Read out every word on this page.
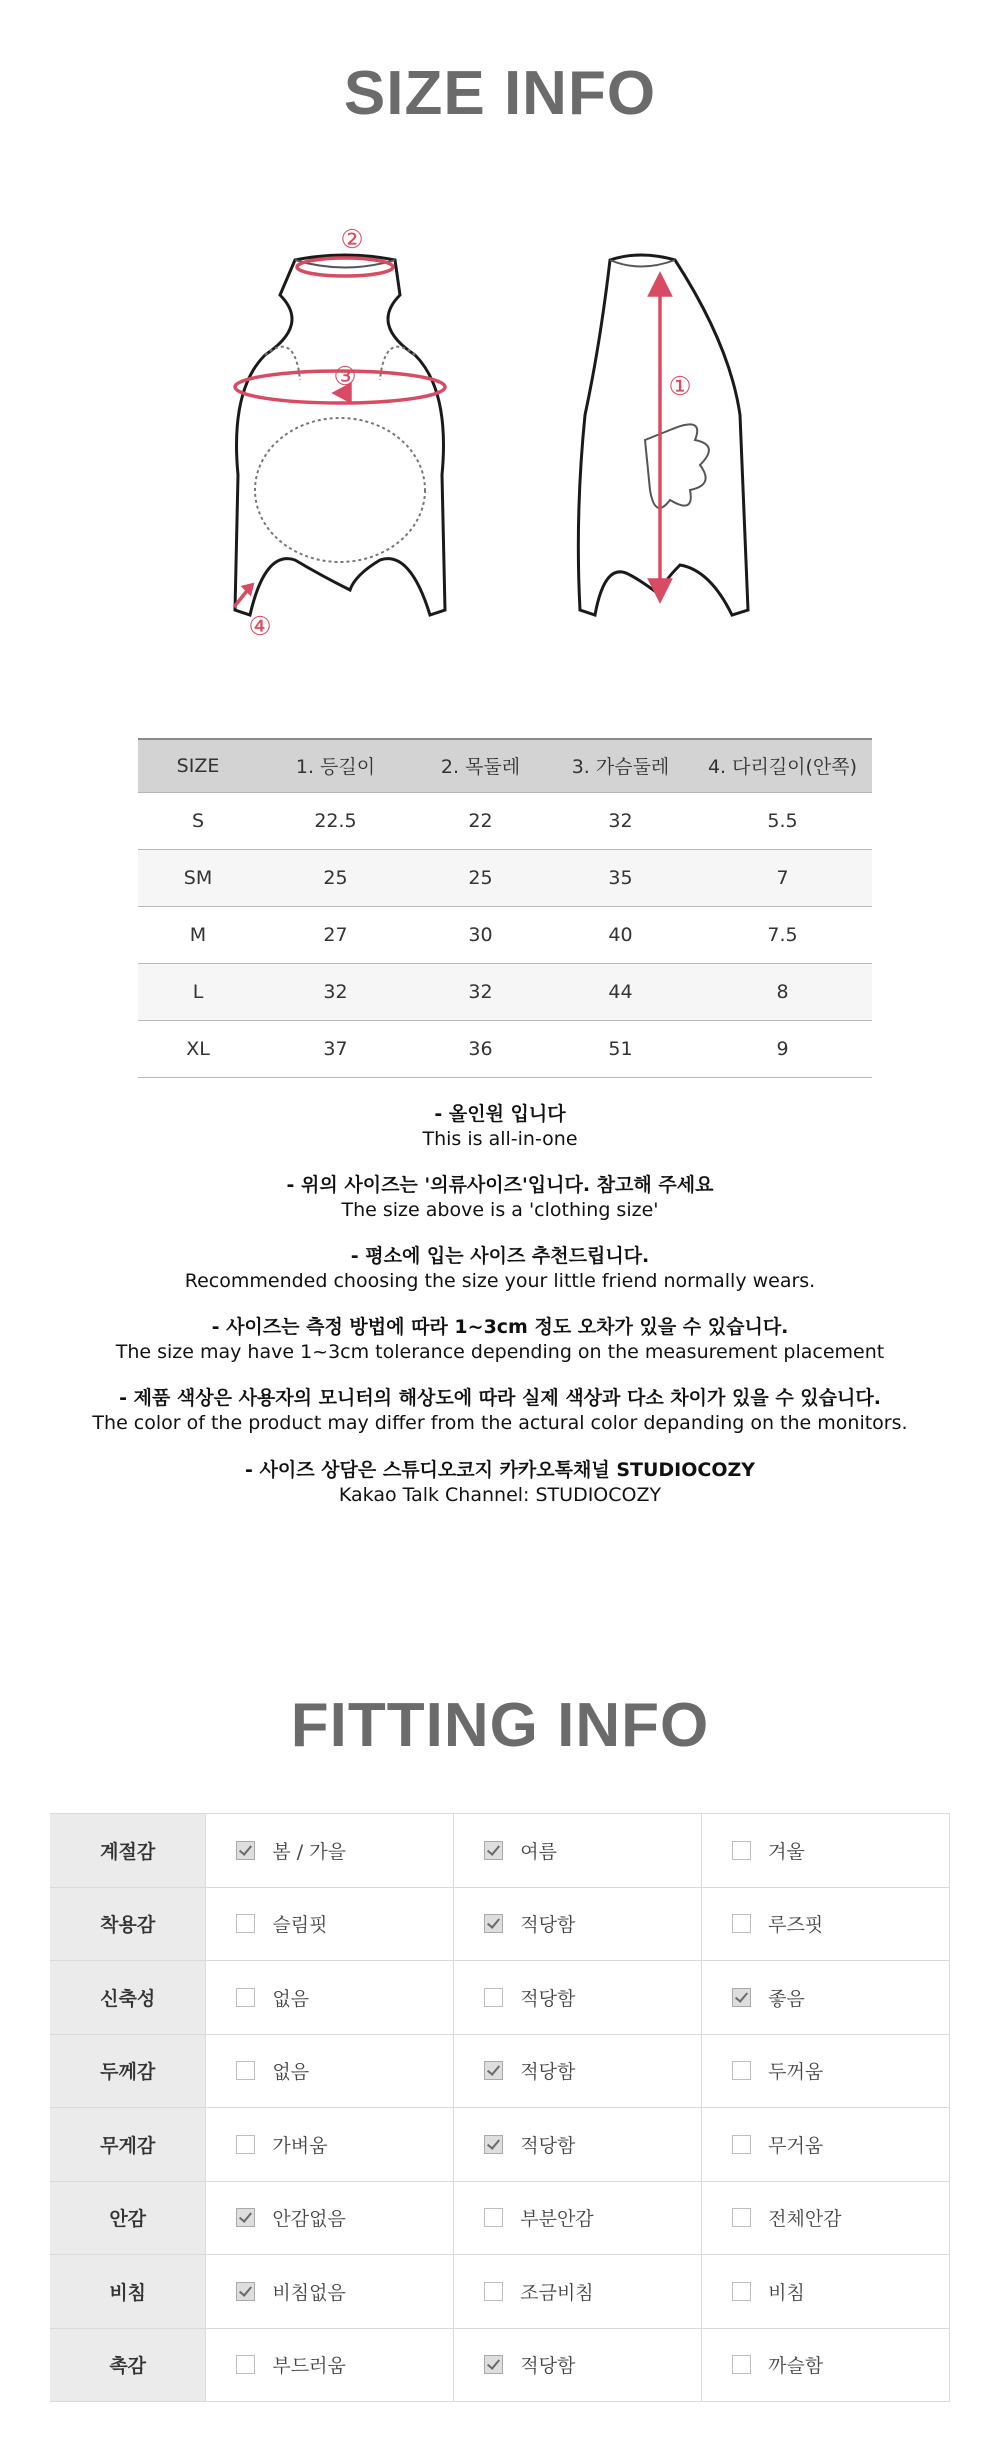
SIZE INFO
②
③	①
④
SIZE	1. 등길이	2. 목둘레	3. 가슴둘레	4. 다리길이(안쪽)
S	22.5	22	32	5.5
SM	25	25	35	7
M	27	30	40	7.5
L	32	32	44	8
XL	37	36	51	9
- 올인원 입니다
This is all-in-one
- 위의 사이즈는 '의류사이즈'입니다. 참고해 주세요
The size above is a 'clothing size'
- 평소에 입는 사이즈 추천드립니다.
Recommended choosing the size your little friend normally wears.
- 사이즈는 측정 방법에 따라 1~3cm 정도 오차가 있을 수 있습니다.
The size may have 1~3cm tolerance depending on the measurement placement
- 제품 색상은 사용자의 모니터의 해상도에 따라 실제 색상과 다소 차이가 있을 수 있습니다.
The color of the product may differ from the actural color depanding on the monitors.
- 사이즈 상담은 스튜디오코지 카카오톡채널 STUDIOCOZY
Kakao Talk Channel: STUDIOCOZY
FITTING INFO
계절감	봄 / 가을	여름	겨울
착용감	슬림핏	적당함	루즈핏
신축성	없음	적당함	좋음
두께감	없음	적당함	두꺼움
무게감	가벼움	적당함	무거움
안감	안감없음	부분안감	전체안감
비침	비침없음	조금비침	비침
촉감	부드러움	적당함	까슬함
